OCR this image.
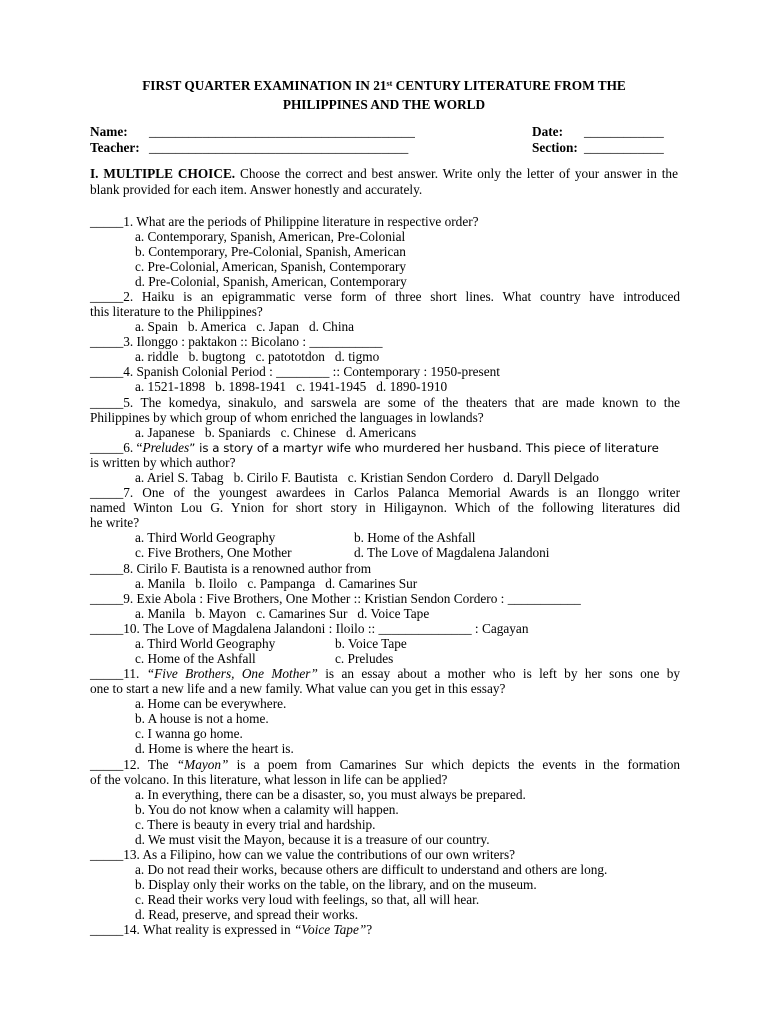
FIRST QUARTER EXAMINATION IN 21st CENTURY LITERATURE FROM THE
PHILIPPINES AND THE WORLD
Name: ________________________________________
Teacher: _______________________________________
Date: ____________
Section: ____________
I. MULTIPLE CHOICE. Choose the correct and best answer. Write only the letter of your answer in the blank provided for each item. Answer honestly and accurately.
_____1. What are the periods of Philippine literature in respective order?
a. Contemporary, Spanish, American, Pre-Colonial
b. Contemporary, Pre-Colonial, Spanish, American
c. Pre-Colonial, American, Spanish, Contemporary
d. Pre-Colonial, Spanish, American, Contemporary
_____2. Haiku is an epigrammatic verse form of three short lines. What country have introduced
this literature to the Philippines?
a. Spain b. America c. Japan d. China
_____3. Ilonggo : paktakon :: Bicolano : ___________
a. riddle b. bugtong c. patototdon d. tigmo
_____4. Spanish Colonial Period : ________ :: Contemporary : 1950-present
a. 1521-1898 b. 1898-1941 c. 1941-1945 d. 1890-1910
_____5. The komedya, sinakulo, and sarswela are some of the theaters that are made known to the
Philippines by which group of whom enriched the languages in lowlands?
a. Japanese b. Spaniards c. Chinese d. Americans
_____6. “Preludes” is a story of a martyr wife who murdered her husband. This piece of literature
is written by which author?
a. Ariel S. Tabag b. Cirilo F. Bautista c. Kristian Sendon Cordero d. Daryll Delgado
_____7. One of the youngest awardees in Carlos Palanca Memorial Awards is an Ilonggo writer
named Winton Lou G. Ynion for short story in Hiligaynon. Which of the following literatures did
he write?
a. Third World Geography	b. Home of the Ashfall
c. Five Brothers, One Mother	d. The Love of Magdalena Jalandoni
_____8. Cirilo F. Bautista is a renowned author from
a. Manila b. Iloilo c. Pampanga d. Camarines Sur
_____9. Exie Abola : Five Brothers, One Mother :: Kristian Sendon Cordero : ___________
a. Manila b. Mayon c. Camarines Sur d. Voice Tape
_____10. The Love of Magdalena Jalandoni : Iloilo :: ______________ : Cagayan
a. Third World Geography	b. Voice Tape
c. Home of the Ashfall	c. Preludes
_____11. “Five Brothers, One Mother” is an essay about a mother who is left by her sons one by
one to start a new life and a new family. What value can you get in this essay?
a. Home can be everywhere.
b. A house is not a home.
c. I wanna go home.
d. Home is where the heart is.
_____12. The “Mayon” is a poem from Camarines Sur which depicts the events in the formation
of the volcano. In this literature, what lesson in life can be applied?
a. In everything, there can be a disaster, so, you must always be prepared.
b. You do not know when a calamity will happen.
c. There is beauty in every trial and hardship.
d. We must visit the Mayon, because it is a treasure of our country.
_____13. As a Filipino, how can we value the contributions of our own writers?
a. Do not read their works, because others are difficult to understand and others are long.
b. Display only their works on the table, on the library, and on the museum.
c. Read their works very loud with feelings, so that, all will hear.
d. Read, preserve, and spread their works.
_____14. What reality is expressed in “Voice Tape”?
